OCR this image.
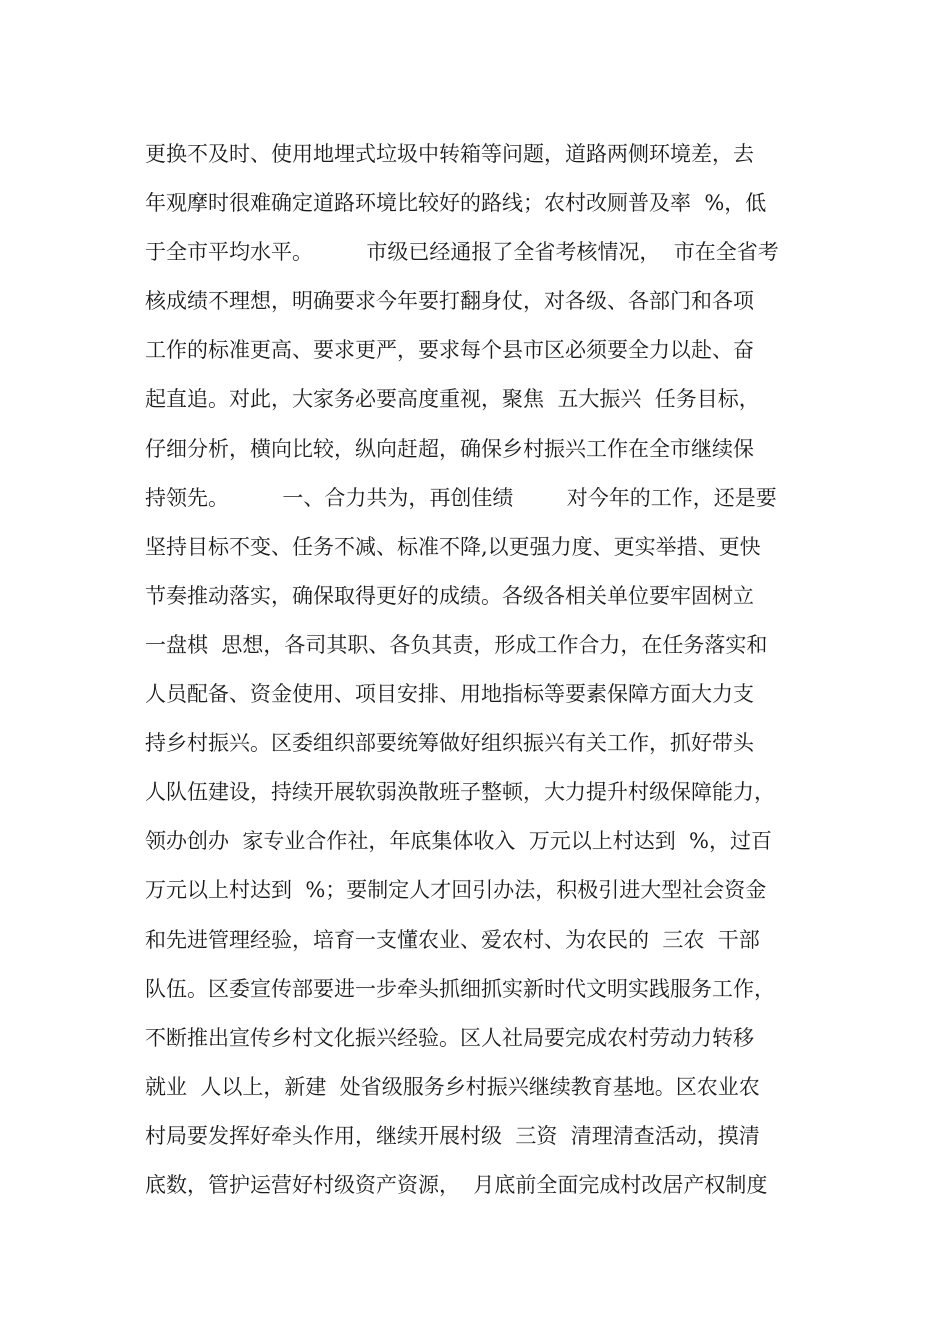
更换不及时、使用地埋式垃圾中转箱等问题，道路两侧环境差，去
年观摩时很难确定道路环境比较好的路线；农村改厕普及率  %，低
于全市平均水平。        市级已经通报了全省考核情况，  市在全省考
核成绩不理想，明确要求今年要打翻身仗，对各级、各部门和各项
工作的标准更高、要求更严，要求每个县市区必须要全力以赴、奋
起直追。对此，大家务必要高度重视，聚焦  五大振兴  任务目标，
仔细分析，横向比较，纵向赶超，确保乡村振兴工作在全市继续保
持领先。        一、合力共为，再创佳绩        对今年的工作，还是要
坚持目标不变、任务不减、标准不降,以更强力度、更实举措、更快
节奏推动落实，确保取得更好的成绩。各级各相关单位要牢固树立
一盘棋  思想，各司其职、各负其责，形成工作合力，在任务落实和
人员配备、资金使用、项目安排、用地指标等要素保障方面大力支
持乡村振兴。区委组织部要统筹做好组织振兴有关工作，抓好带头
人队伍建设，持续开展软弱涣散班子整顿，大力提升村级保障能力，
领办创办  家专业合作社，年底集体收入  万元以上村达到  %，过百
万元以上村达到  %；要制定人才回引办法，积极引进大型社会资金
和先进管理经验，培育一支懂农业、爱农村、为农民的  三农  干部
队伍。区委宣传部要进一步牵头抓细抓实新时代文明实践服务工作，
不断推出宣传乡村文化振兴经验。区人社局要完成农村劳动力转移
就业  人以上，新建  处省级服务乡村振兴继续教育基地。区农业农
村局要发挥好牵头作用，继续开展村级  三资  清理清查活动，摸清
底数，管护运营好村级资产资源，  月底前全面完成村改居产权制度
